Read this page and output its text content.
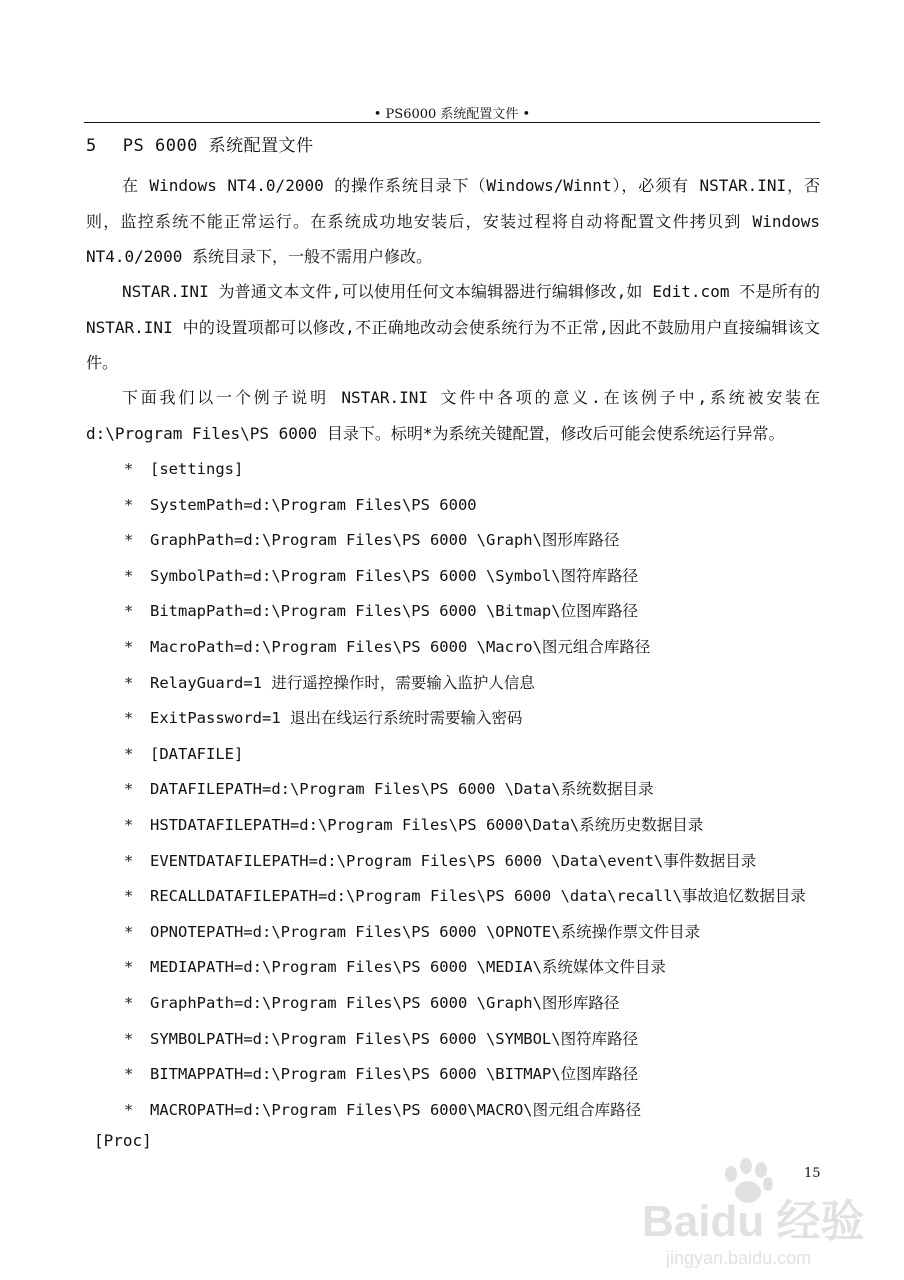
• PS6000 系统配置文件 •
5 PS 6000 系统配置文件
在 Windows NT4.0/2000 的操作系统目录下（Windows/Winnt），必须有 NSTAR.INI，否则，监控系统不能正常运行。在系统成功地安装后，安装过程将自动将配置文件拷贝到 Windows NT4.0/2000 系统目录下，一般不需用户修改。
NSTAR.INI 为普通文本文件,可以使用任何文本编辑器进行编辑修改,如 Edit.com 不是所有的 NSTAR.INI 中的设置项都可以修改,不正确地改动会使系统行为不正常,因此不鼓励用户直接编辑该文件。
下面我们以一个例子说明 NSTAR.INI 文件中各项的意义.在该例子中,系统被安装在 d:\Program Files\PS 6000 目录下。标明*为系统关键配置，修改后可能会使系统运行异常。
* [settings]
* SystemPath=d:\Program Files\PS 6000
* GraphPath=d:\Program Files\PS 6000 \Graph\图形库路径
* SymbolPath=d:\Program Files\PS 6000 \Symbol\图符库路径
* BitmapPath=d:\Program Files\PS 6000 \Bitmap\位图库路径
* MacroPath=d:\Program Files\PS 6000 \Macro\图元组合库路径
* RelayGuard=1 进行遥控操作时，需要输入监护人信息
* ExitPassword=1 退出在线运行系统时需要输入密码
* [DATAFILE]
* DATAFILEPATH=d:\Program Files\PS 6000 \Data\系统数据目录
* HSTDATAFILEPATH=d:\Program Files\PS 6000\Data\系统历史数据目录
* EVENTDATAFILEPATH=d:\Program Files\PS 6000 \Data\event\事件数据目录
* RECALLDATAFILEPATH=d:\Program Files\PS 6000 \data\recall\事故追忆数据目录
* OPNOTEPATH=d:\Program Files\PS 6000 \OPNOTE\系统操作票文件目录
* MEDIAPATH=d:\Program Files\PS 6000 \MEDIA\系统媒体文件目录
* GraphPath=d:\Program Files\PS 6000 \Graph\图形库路径
* SYMBOLPATH=d:\Program Files\PS 6000 \SYMBOL\图符库路径
* BITMAPPATH=d:\Program Files\PS 6000 \BITMAP\位图库路径
* MACROPATH=d:\Program Files\PS 6000\MACRO\图元组合库路径
[Proc]
15
Baidu 经验
jingyan.baidu.com
